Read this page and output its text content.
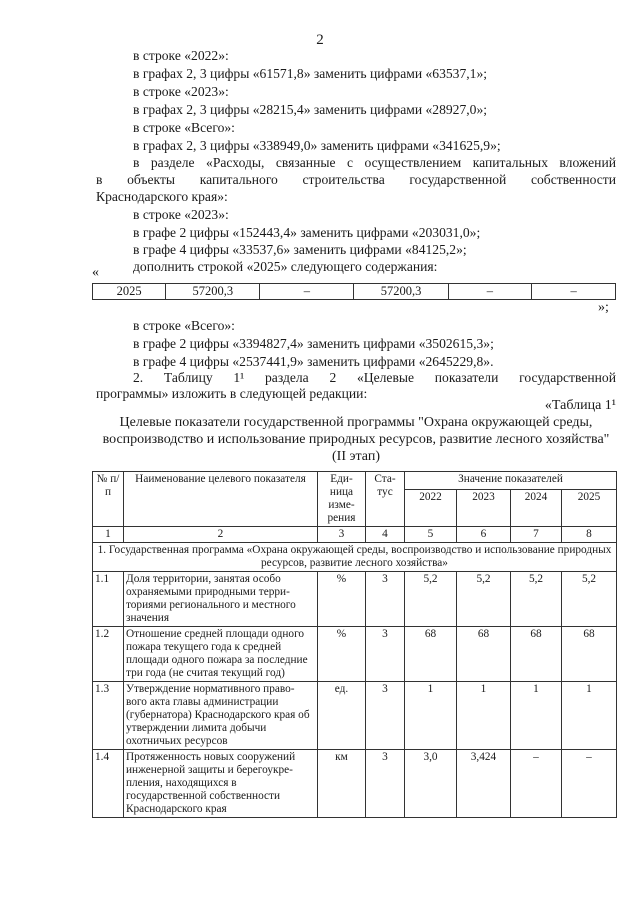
2
в строке «2022»:
в графах 2, 3 цифры «61571,8» заменить цифрами «63537,1»;
в строке «2023»:
в графах 2, 3 цифры «28215,4» заменить цифрами «28927,0»;
в строке «Всего»:
в графах 2, 3 цифры «338949,0» заменить цифрами «341625,9»;
в разделе «Расходы, связанные с осуществлением капитальных вложений
в объекты капитального строительства государственной собственности
Краснодарского края»:
в строке «2023»:
в графе 2 цифры «152443,4» заменить цифрами «203031,0»;
в графе 4 цифры «33537,6» заменить цифрами «84125,2»;
дополнить строкой «2025» следующего содержания:
«
2025	57200,3	–	57200,3	–	–
»;
в строке «Всего»:
в графе 2 цифры «3394827,4» заменить цифрами «3502615,3»;
в графе 4 цифры «2537441,9» заменить цифрами «2645229,8».
2. Таблицу 1¹ раздела 2 «Целевые показатели государственной
программы» изложить в следующей редакции:
«Таблица 1¹
Целевые показатели государственной программы "Охрана окружающей среды, воспроизводство и использование природных ресурсов, развитие лесного хозяйства" (II этап)
№ п/п	Наименование целевого показателя	Еди-ница изме-рения	Ста-тус	Значение показателей			
				2022	2023	2024	2025
1	2	3	4	5	6	7	8
1. Государственная программа «Охрана окружающей среды, воспроизводство и использование природных ресурсов, развитие лесного хозяйства»							
1.1	Доля территории, занятая особо охраняемыми природными терри-ториями регионального и местного значения	%	3	5,2	5,2	5,2	5,2
1.2	Отношение средней площади одного пожара текущего года к средней площади одного пожара за последние три года (не считая текущий год)	%	3	68	68	68	68
1.3	Утверждение нормативного право-вого акта главы администрации (губернатора) Краснодарского края об утверждении лимита добычи охотничьих ресурсов	ед.	3	1	1	1	1
1.4	Протяженность новых сооружений инженерной защиты и берегоукре-пления, находящихся в государственной собственности Краснодарского края	км	3	3,0	3,424	–	–
